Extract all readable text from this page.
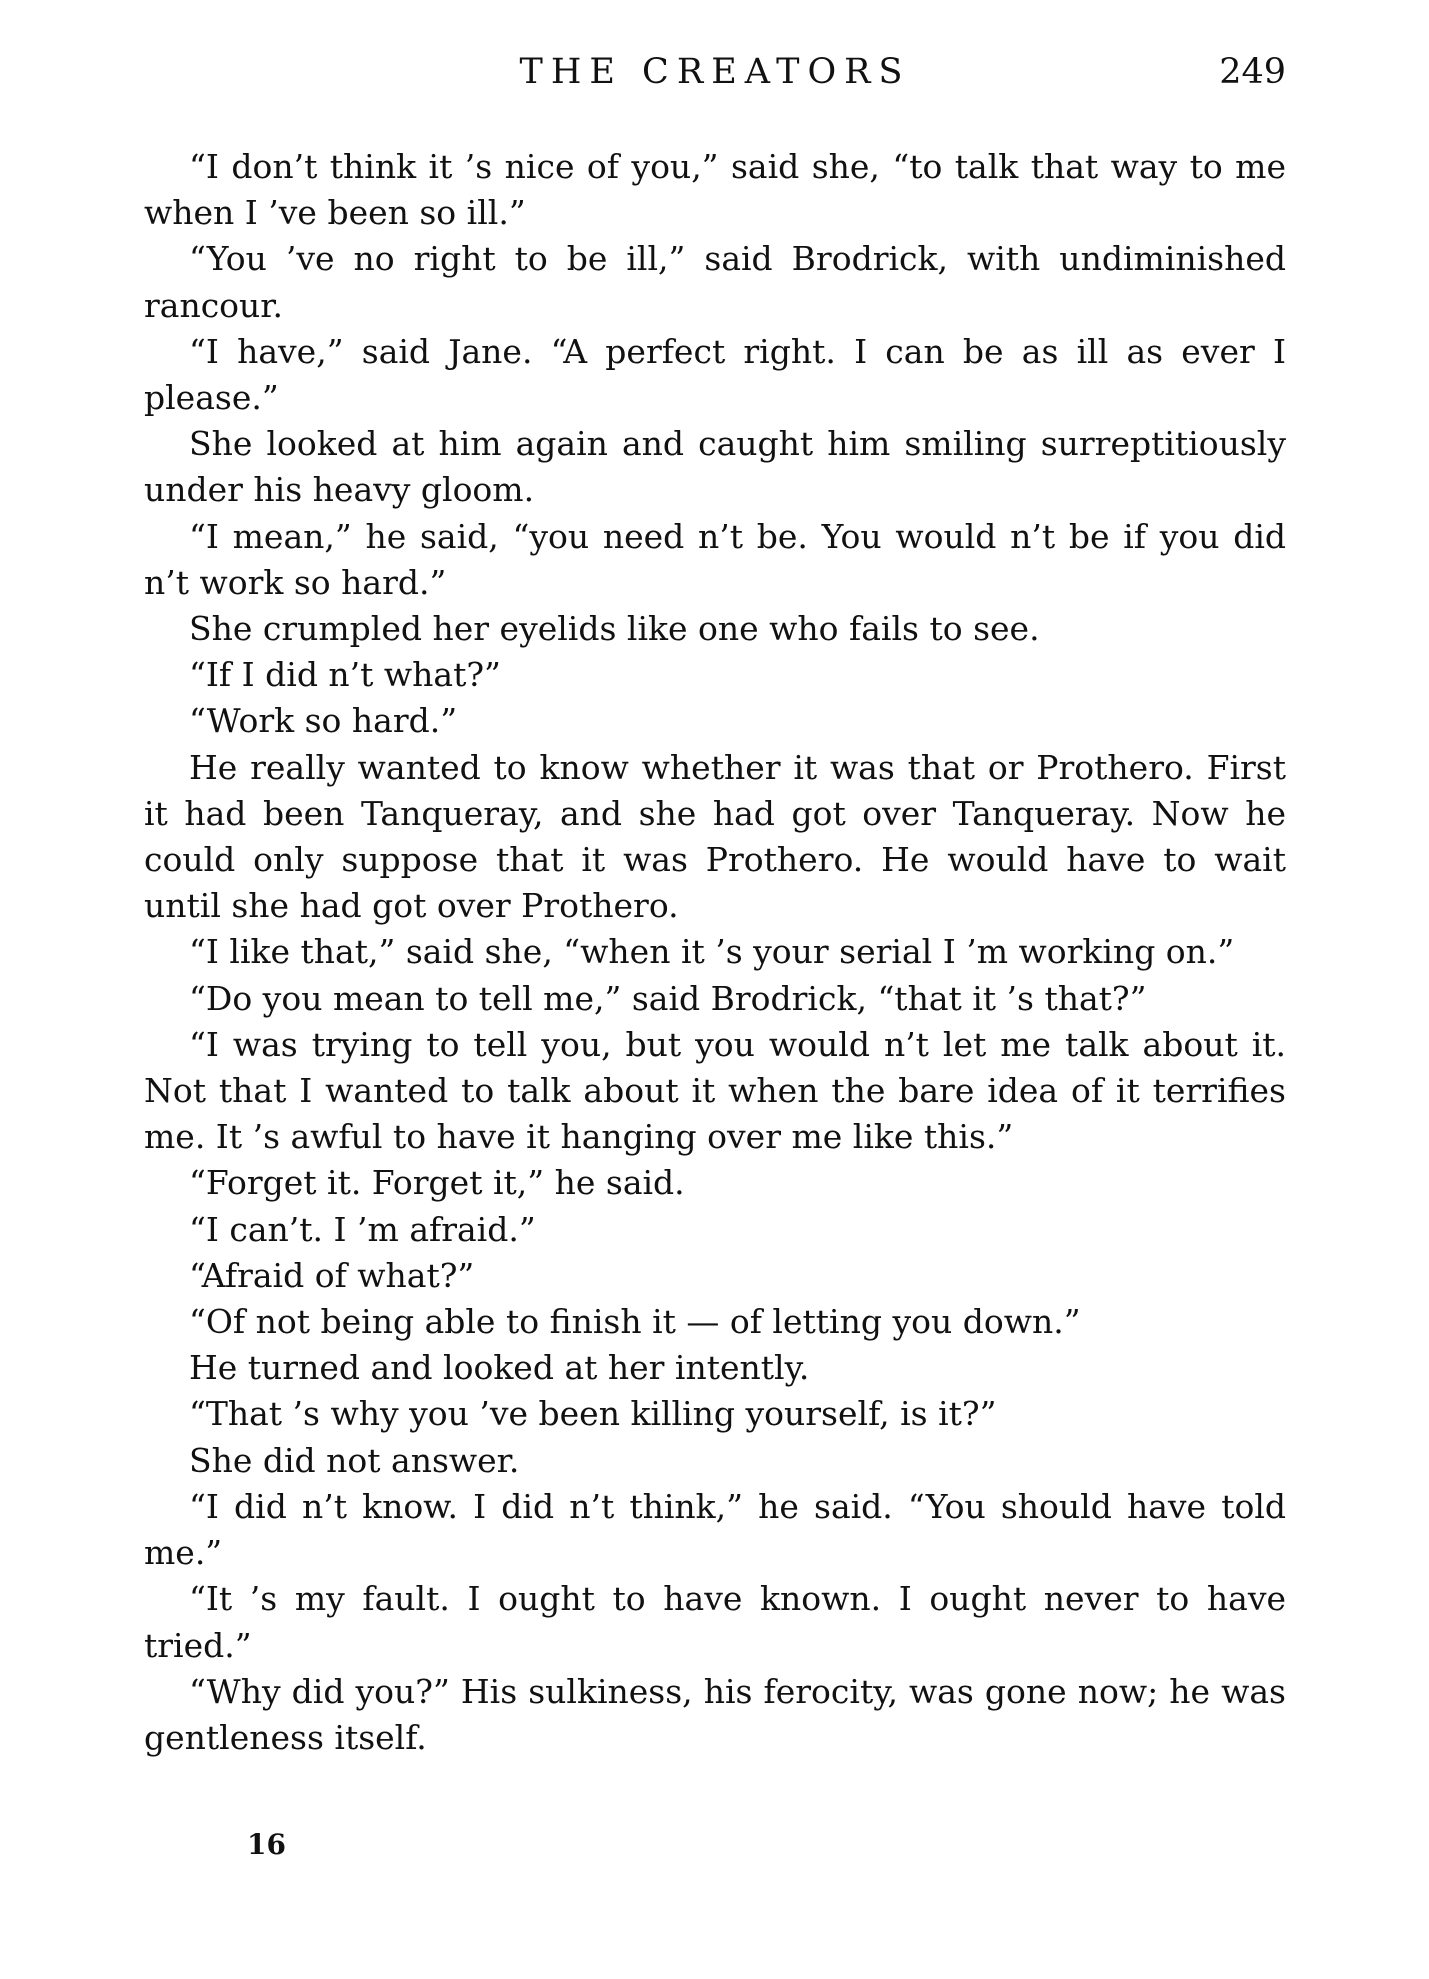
THE CREATORS	249

“I don’t think it ’s nice of you,” said she, “to talk that way to me when I ’ve been so ill.”

“You ’ve no right to be ill,” said Brodrick, with undiminished rancour.

“I have,” said Jane. “A perfect right. I can be as ill as ever I please.”

She looked at him again and caught him smiling surreptitiously under his heavy gloom.

“I mean,” he said, “you need n’t be. You would n’t be if you did n’t work so hard.”

She crumpled her eyelids like one who fails to see.

“If I did n’t what?”

“Work so hard.”

He really wanted to know whether it was that or Prothero. First it had been Tanqueray, and she had got over Tanqueray. Now he could only suppose that it was Prothero. He would have to wait until she had got over Prothero.

“I like that,” said she, “when it ’s your serial I ’m working on.”

“Do you mean to tell me,” said Brodrick, “that it ’s that?”

“I was trying to tell you, but you would n’t let me talk about it. Not that I wanted to talk about it when the bare idea of it terrifies me. It ’s awful to have it hanging over me like this.”

“Forget it. Forget it,” he said.

“I can’t. I ’m afraid.”

“Afraid of what?”

“Of not being able to finish it — of letting you down.”

He turned and looked at her intently.

“That ’s why you ’ve been killing yourself, is it?”

She did not answer.

“I did n’t know. I did n’t think,” he said. “You should have told me.”

“It ’s my fault. I ought to have known. I ought never to have tried.”

“Why did you?” His sulkiness, his ferocity, was gone now; he was gentleness itself.

16
